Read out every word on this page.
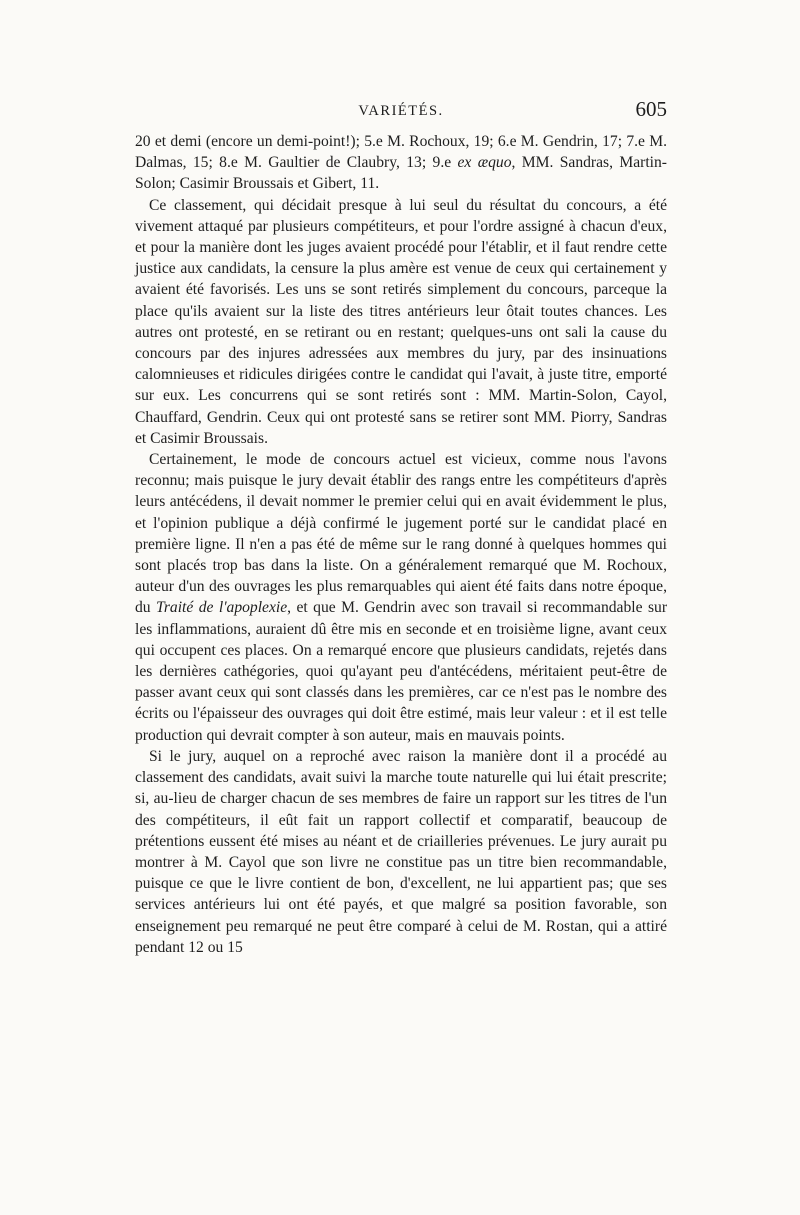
VARIÉTÉS.	605

20 et demi (encore un demi-point!); 5.e M. Rochoux, 19; 6.e M. Gendrin, 17; 7.e M. Dalmas, 15; 8.e M. Gaultier de Claubry, 13; 9.e ex æquo, MM. Sandras, Martin-Solon; Casimir Broussais et Gibert, 11.

Ce classement, qui décidait presque à lui seul du résultat du concours, a été vivement attaqué par plusieurs compétiteurs, et pour l'ordre assigné à chacun d'eux, et pour la manière dont les juges avaient procédé pour l'établir, et il faut rendre cette justice aux candidats, la censure la plus amère est venue de ceux qui certainement y avaient été favorisés. Les uns se sont retirés simplement du concours, parceque la place qu'ils avaient sur la liste des titres antérieurs leur ôtait toutes chances. Les autres ont protesté, en se retirant ou en restant; quelques-uns ont sali la cause du concours par des injures adressées aux membres du jury, par des insinuations calomnieuses et ridicules dirigées contre le candidat qui l'avait, à juste titre, emporté sur eux. Les concurrens qui se sont retirés sont : MM. Martin-Solon, Cayol, Chauffard, Gendrin. Ceux qui ont protesté sans se retirer sont MM. Piorry, Sandras et Casimir Broussais.

Certainement, le mode de concours actuel est vicieux, comme nous l'avons reconnu; mais puisque le jury devait établir des rangs entre les compétiteurs d'après leurs antécédens, il devait nommer le premier celui qui en avait évidemment le plus, et l'opinion publique a déjà confirmé le jugement porté sur le candidat placé en première ligne. Il n'en a pas été de même sur le rang donné à quelques hommes qui sont placés trop bas dans la liste. On a généralement remarqué que M. Rochoux, auteur d'un des ouvrages les plus remarquables qui aient été faits dans notre époque, du Traité de l'apoplexie, et que M. Gendrin avec son travail si recommandable sur les inflammations, auraient dû être mis en seconde et en troisième ligne, avant ceux qui occupent ces places. On a remarqué encore que plusieurs candidats, rejetés dans les dernières cathégories, quoi qu'ayant peu d'antécédens, méritaient peut-être de passer avant ceux qui sont classés dans les premières, car ce n'est pas le nombre des écrits ou l'épaisseur des ouvrages qui doit être estimé, mais leur valeur : et il est telle production qui devrait compter à son auteur, mais en mauvais points.

Si le jury, auquel on a reproché avec raison la manière dont il a procédé au classement des candidats, avait suivi la marche toute naturelle qui lui était prescrite; si, au-lieu de charger chacun de ses membres de faire un rapport sur les titres de l'un des compétiteurs, il eût fait un rapport collectif et comparatif, beaucoup de prétentions eussent été mises au néant et de criailleries prévenues. Le jury aurait pu montrer à M. Cayol que son livre ne constitue pas un titre bien recommandable, puisque ce que le livre contient de bon, d'excellent, ne lui appartient pas; que ses services antérieurs lui ont été payés, et que malgré sa position favorable, son enseignement peu remarqué ne peut être comparé à celui de M. Rostan, qui a attiré pendant 12 ou 15
